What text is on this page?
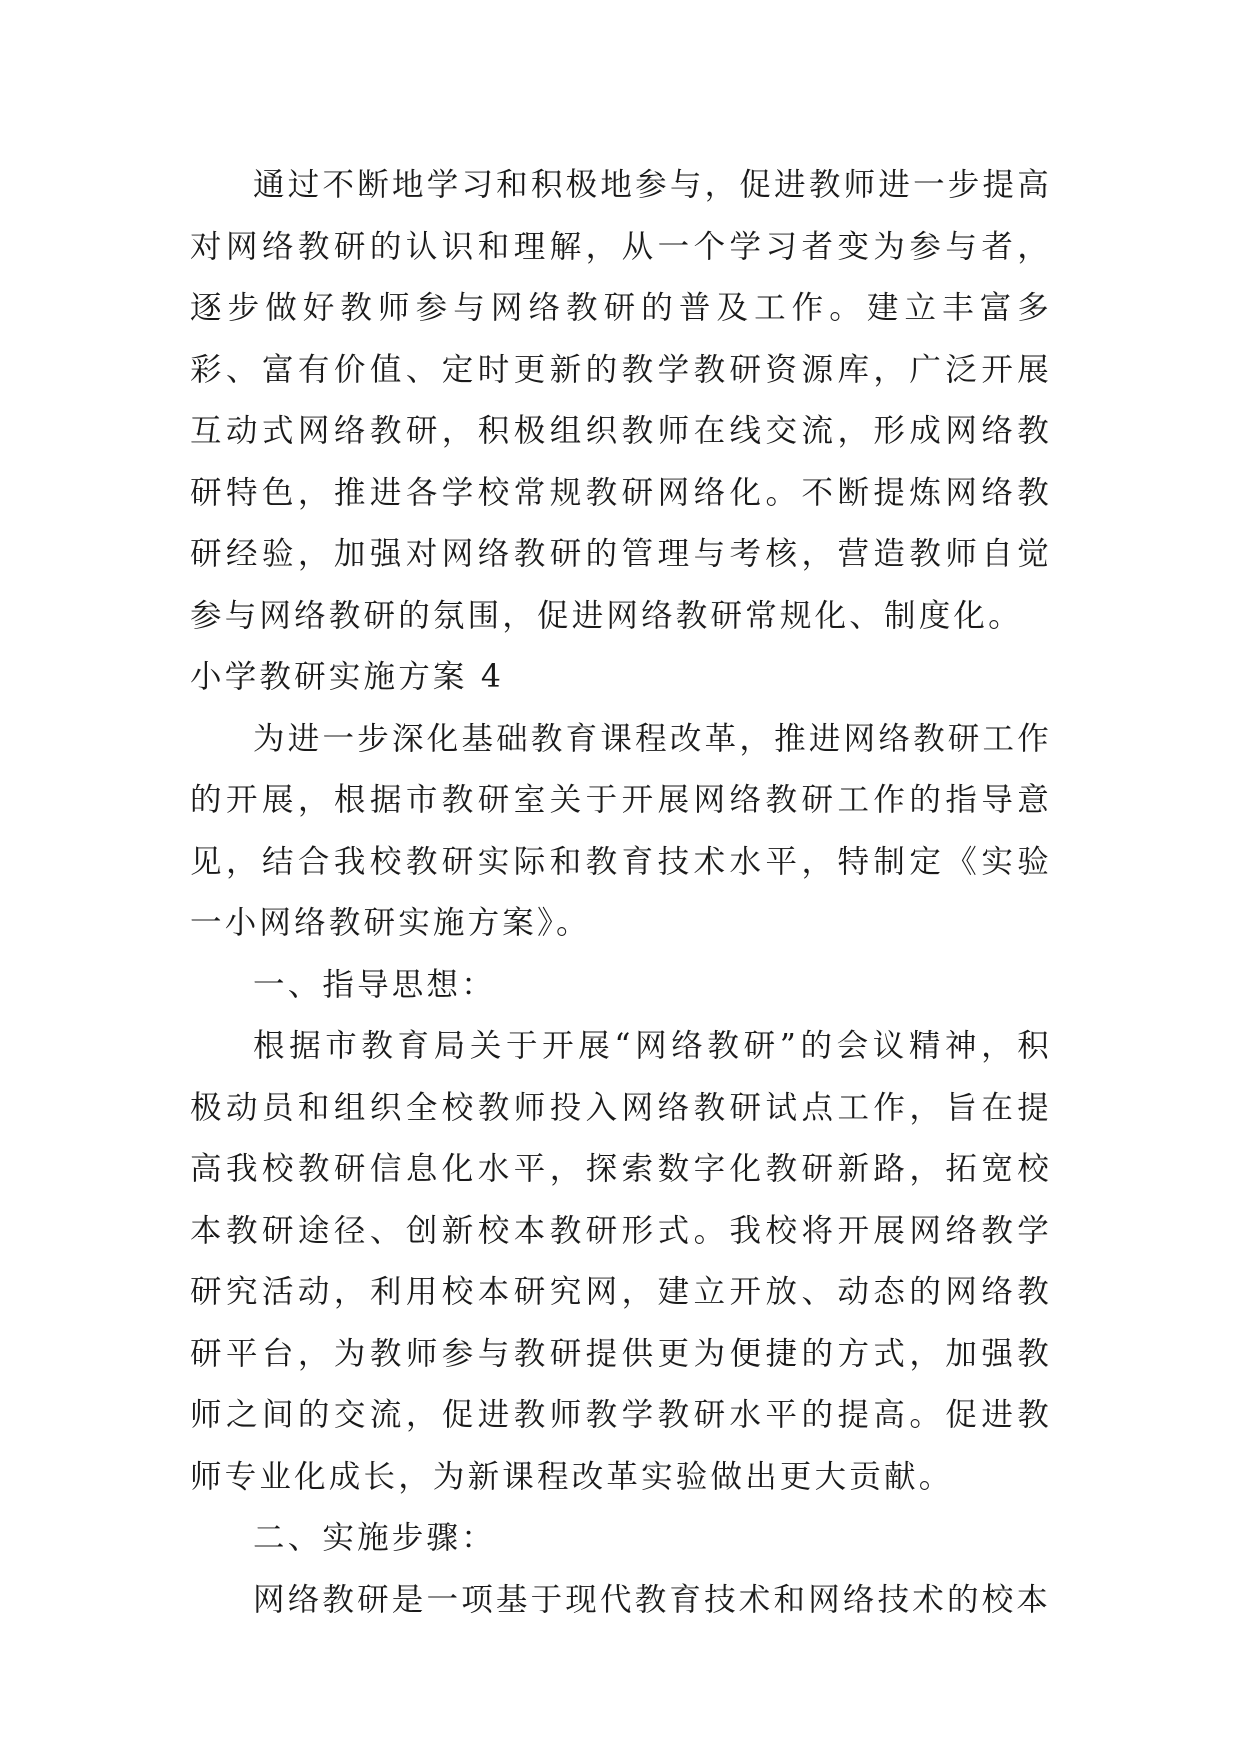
通过不断地学习和积极地参与，促进教师进一步提高对网络教研的认识和理解，从一个学习者变为参与者，逐步做好教师参与网络教研的普及工作。建立丰富多彩、富有价值、定时更新的教学教研资源库，广泛开展互动式网络教研，积极组织教师在线交流，形成网络教研特色，推进各学校常规教研网络化。不断提炼网络教研经验，加强对网络教研的管理与考核，营造教师自觉参与网络教研的氛围，促进网络教研常规化、制度化。

小学教研实施方案 4

为进一步深化基础教育课程改革，推进网络教研工作的开展，根据市教研室关于开展网络教研工作的指导意见，结合我校教研实际和教育技术水平，特制定《实验一小网络教研实施方案》。

一、指导思想：

根据市教育局关于开展“网络教研”的会议精神，积极动员和组织全校教师投入网络教研试点工作，旨在提高我校教研信息化水平，探索数字化教研新路，拓宽校本教研途径、创新校本教研形式。我校将开展网络教学研究活动，利用校本研究网，建立开放、动态的网络教研平台，为教师参与教研提供更为便捷的方式，加强教师之间的交流，促进教师教学教研水平的提高。促进教师专业化成长，为新课程改革实验做出更大贡献。

二、实施步骤：

网络教研是一项基于现代教育技术和网络技术的校本
